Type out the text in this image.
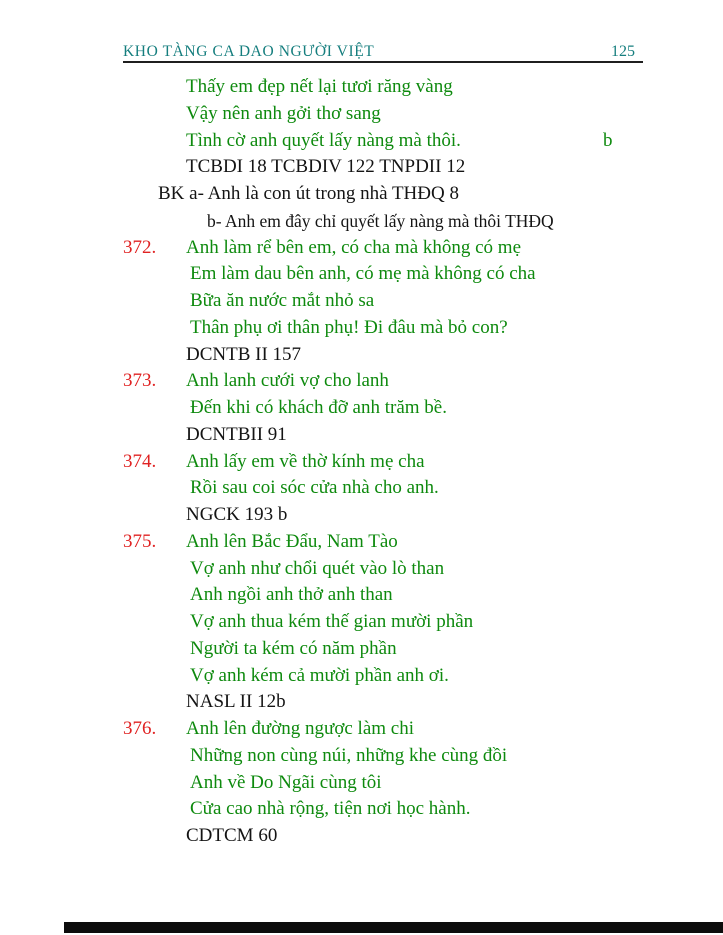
KHO TÀNG CA DAO NGƯỜI VIỆT	125
Thấy em đẹp nết lại tươi răng vàng
Vậy nên anh gởi thơ sang
Tình cờ anh quyết lấy nàng mà thôi.	b
TCBDI 18 TCBDIV 122 TNPDII 12
BK a- Anh là con út trong nhà THĐQ 8
b- Anh em đây chỉ quyết lấy nàng mà thôi THĐQ
372. Anh làm rể bên em, có cha mà không có mẹ
Em làm dau bên anh, có mẹ mà không có cha
Bữa ăn nước mắt nhỏ sa
Thân phụ ơi thân phụ! Đi đâu mà bỏ con?
DCNTB II 157
373. Anh lanh cưới vợ cho lanh
Đến khi có khách đỡ anh trăm bề.
DCNTBII 91
374. Anh lấy em về thờ kính mẹ cha
Rồi sau coi sóc cửa nhà cho anh.
NGCK 193 b
375. Anh lên Bắc Đẩu, Nam Tào
Vợ anh như chổi quét vào lò than
Anh ngồi anh thở anh than
Vợ anh thua kém thế gian mười phần
Người ta kém có năm phần
Vợ anh kém cả mười phần anh ơi.
NASL II 12b
376. Anh lên đường ngược làm chi
Những non cùng núi, những khe cùng đồi
Anh về Do Ngãi cùng tôi
Cửa cao nhà rộng, tiện nơi học hành.
CDTCM 60
